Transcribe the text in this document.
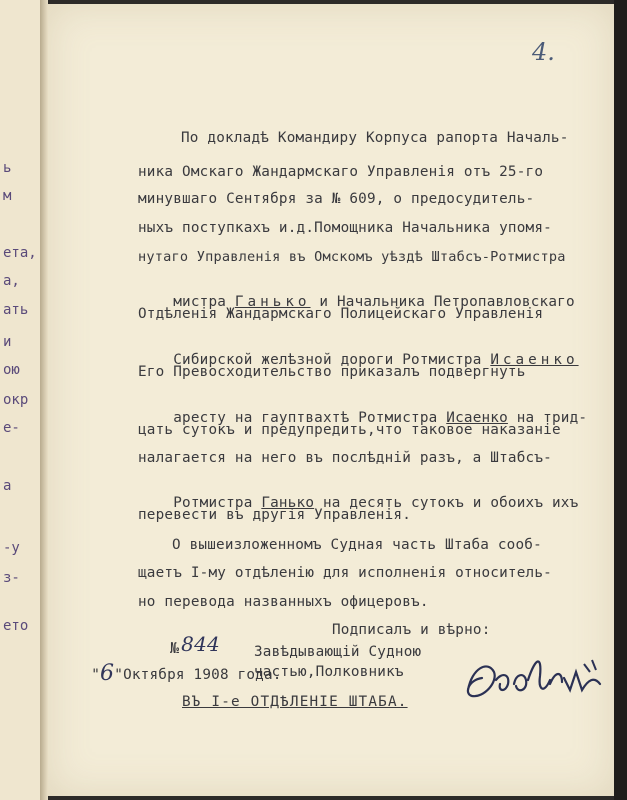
ь
м
ета,
а,
ать
и
ою
окр
е-
а
-у
з-
ето
4.
По докладѣ Командиру Корпуса рапорта Началь-
ника Омскаго Жандармскаго Управленія отъ 25-го
минувшаго Сентября за № 609, о предосудитель-
ныхъ поступкахъ и.д.Помощника Начальника упомя-
нутаго Управленія въ Омскомъ уѣздѣ Штабсъ-Ротмистра

мистра Ганько и Начальника Петропавловскаго

Отдѣленія Жандармскаго Полицейскаго Управленія

Сибирской желѣзной дороги Ротмистра Исаенко

Его Превосходительство приказалъ подвергнуть

аресту на гауптвахтѣ Ротмистра Исаенко на трид-

цать сутокъ и предупредить,что таковое наказаніе
налагается на него въ послѣдній разъ, а Штабсъ-

Ротмистра Ганько на десять сутокъ и обоихъ ихъ

перевести въ другія Управленія.
О вышеизложенномъ Судная часть Штаба сооб-
щаетъ І-му отдѣленію для исполненія относитель-
но перевода названныхъ офицеровъ.

№ 844

Подписалъ и вѣрно:

"6"Октября 1908 года.

Завѣдывающій Судною
частью,Полковникъ
ВЪ І-е ОТДѢЛЕНІЕ ШТАБА.
